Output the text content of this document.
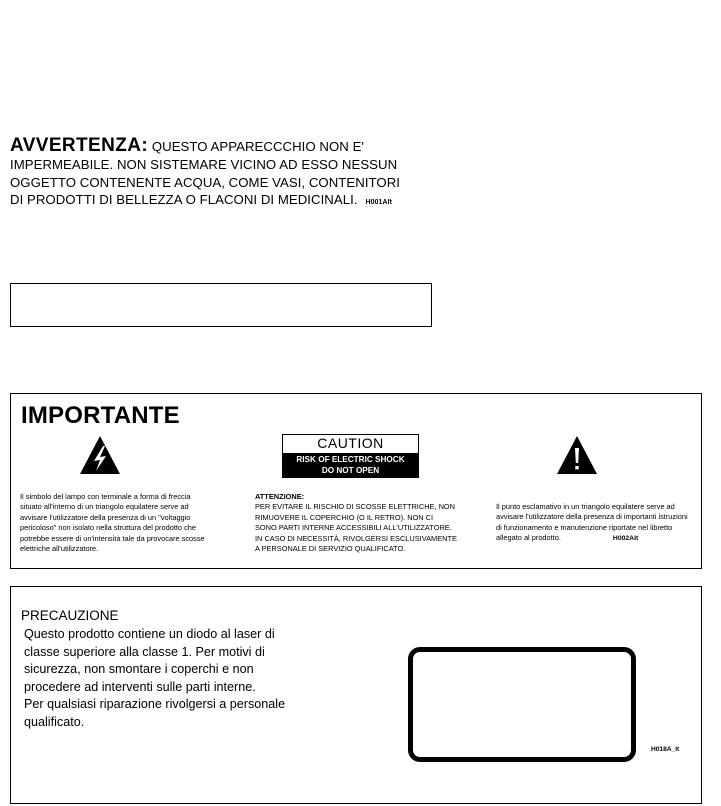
AVVERTENZA: QUESTO APPARECCCHIO NON E'
IMPERMEABILE. NON SISTEMARE VICINO AD ESSO NESSUN
OGGETTO CONTENENTE ACQUA, COME VASI, CONTENITORI
DI PRODOTTI DI BELLEZZA O FLACONI DI MEDICINALI. H001AIt
IMPORTANTE
CAUTION
RISK OF ELECTRIC SHOCK
DO NOT OPEN
Il simbolo del lampo con terminale a forma di freccia
situato all'interno di un triangolo equilatere serve ad
avvisare l'utilizzatore della presenza di un "voltaggio
pericoloso" non isolato nella struttura del prodotto che
potrebbe essere di un'intensità tale da provocare scosse
elettriche all'utilizzatore.
ATTENZIONE:
PER EVITARE IL RISCHIO DI SCOSSE ELETTRICHE, NON
RIMUOVERE IL COPERCHIO (O IL RETRO). NON CI
SONO PARTI INTERNE ACCESSIBILI ALL'UTILIZZATORE.
IN CASO DI NECESSITÀ, RIVOLGERSI ESCLUSIVAMENTE
A PERSONALE DI SERVIZIO QUALIFICATO.
Il punto esclamativo in un triangolo equilatere serve ad
avvisare l'utilizzatore della presenza di importanti istruzioni
di funzionamento e manutenzione riportate nel libretto
allegato al prodotto.	H002AIt
PRECAUZIONE
Questo prodotto contiene un diodo al laser di
classe superiore alla classe 1. Per motivi di
sicurezza, non smontare i coperchi e non
procedere ad interventi sulle parti interne.
Per qualsiasi riparazione rivolgersi a personale
qualificato.
H018A_It
